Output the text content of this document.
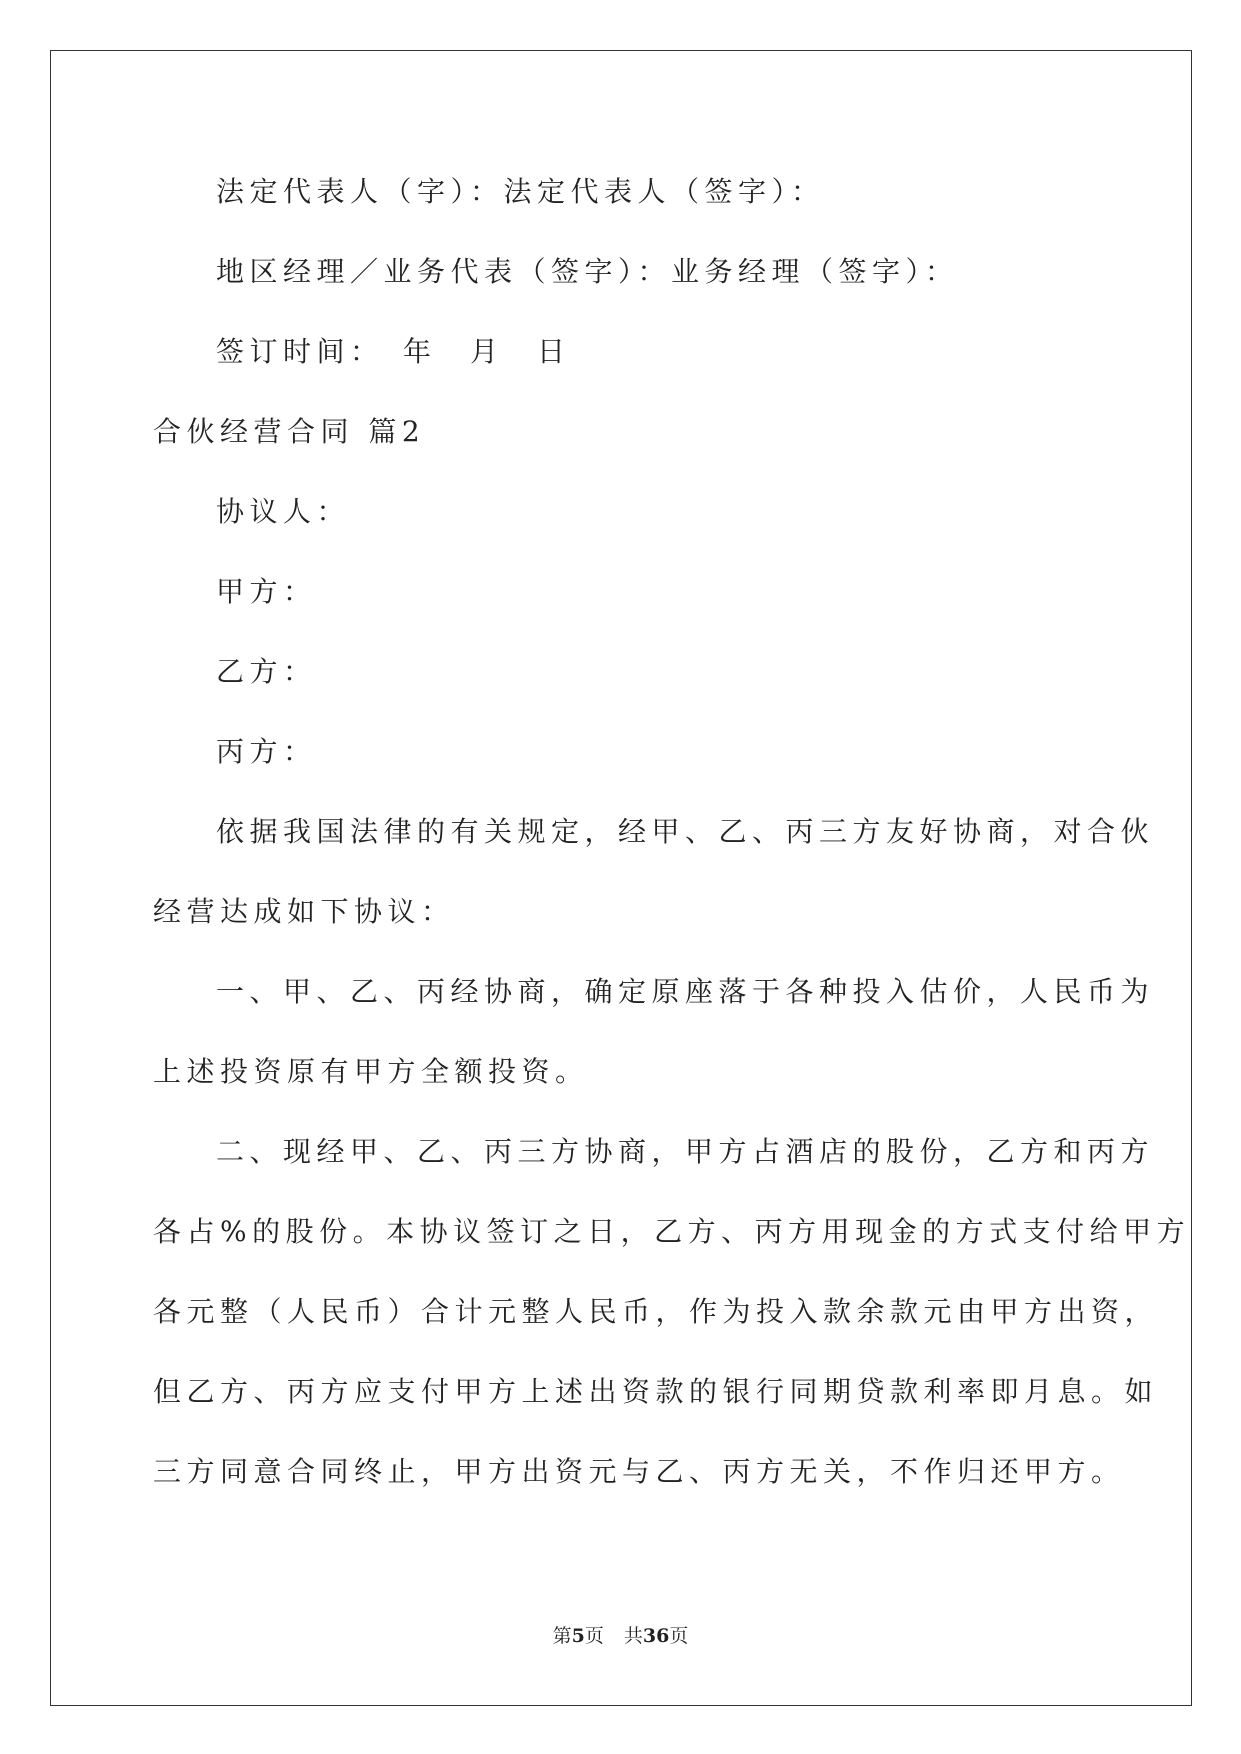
法定代表人（字）：法定代表人（签字）：
地区经理／业务代表（签字）：业务经理（签字）：
签订时间：　年　月　日
合伙经营合同 篇2
协议人：
甲方：
乙方：
丙方：
依据我国法律的有关规定，经甲、乙、丙三方友好协商，对合伙
经营达成如下协议：
一、甲、乙、丙经协商，确定原座落于各种投入估价，人民币为
上述投资原有甲方全额投资。
二、现经甲、乙、丙三方协商，甲方占酒店的股份，乙方和丙方
各占%的股份。本协议签订之日，乙方、丙方用现金的方式支付给甲方
各元整（人民币）合计元整人民币，作为投入款余款元由甲方出资，
但乙方、丙方应支付甲方上述出资款的银行同期贷款利率即月息。如
三方同意合同终止，甲方出资元与乙、丙方无关，不作归还甲方。
第5页 共36页
